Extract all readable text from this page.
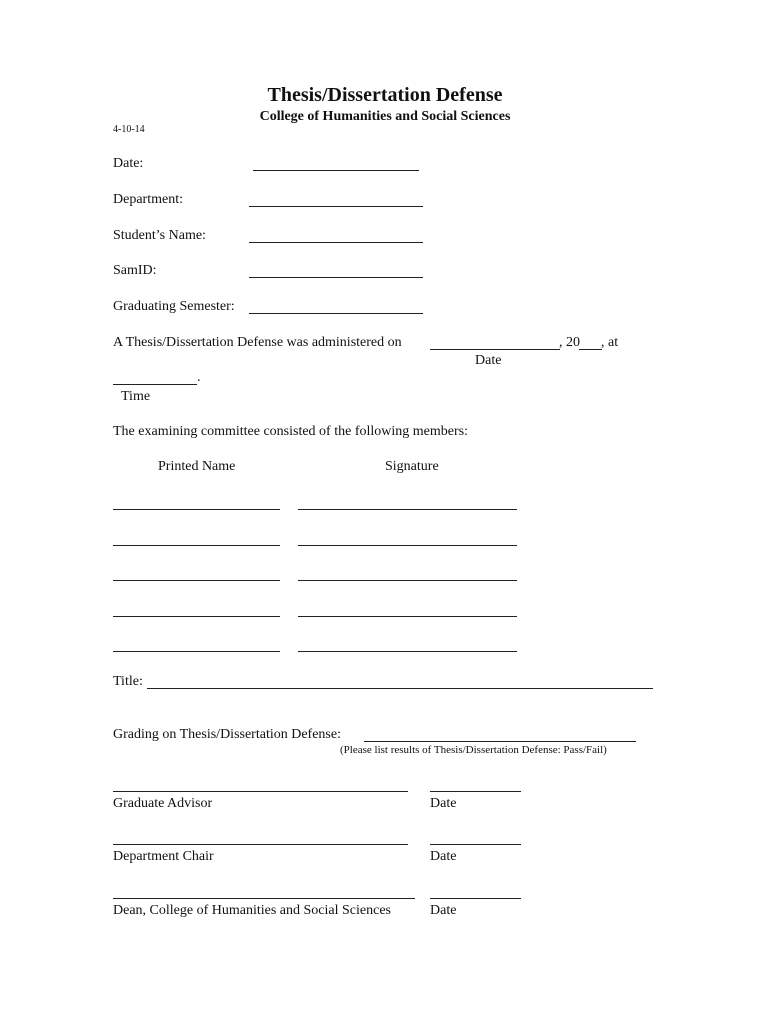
Thesis/Dissertation Defense
College of Humanities and Social Sciences
4-10-14
Date:
Department:
Student’s Name:
SamID:
Graduating Semester:
A Thesis/Dissertation Defense was administered on	, 20 , at
Date
.
Time
The examining committee consisted of the following members:
Printed Name	Signature
Title:
Grading on Thesis/Dissertation Defense:
(Please list results of Thesis/Dissertation Defense: Pass/Fail)
Graduate Advisor	Date
Department Chair	Date
Dean, College of Humanities and Social Sciences	Date
